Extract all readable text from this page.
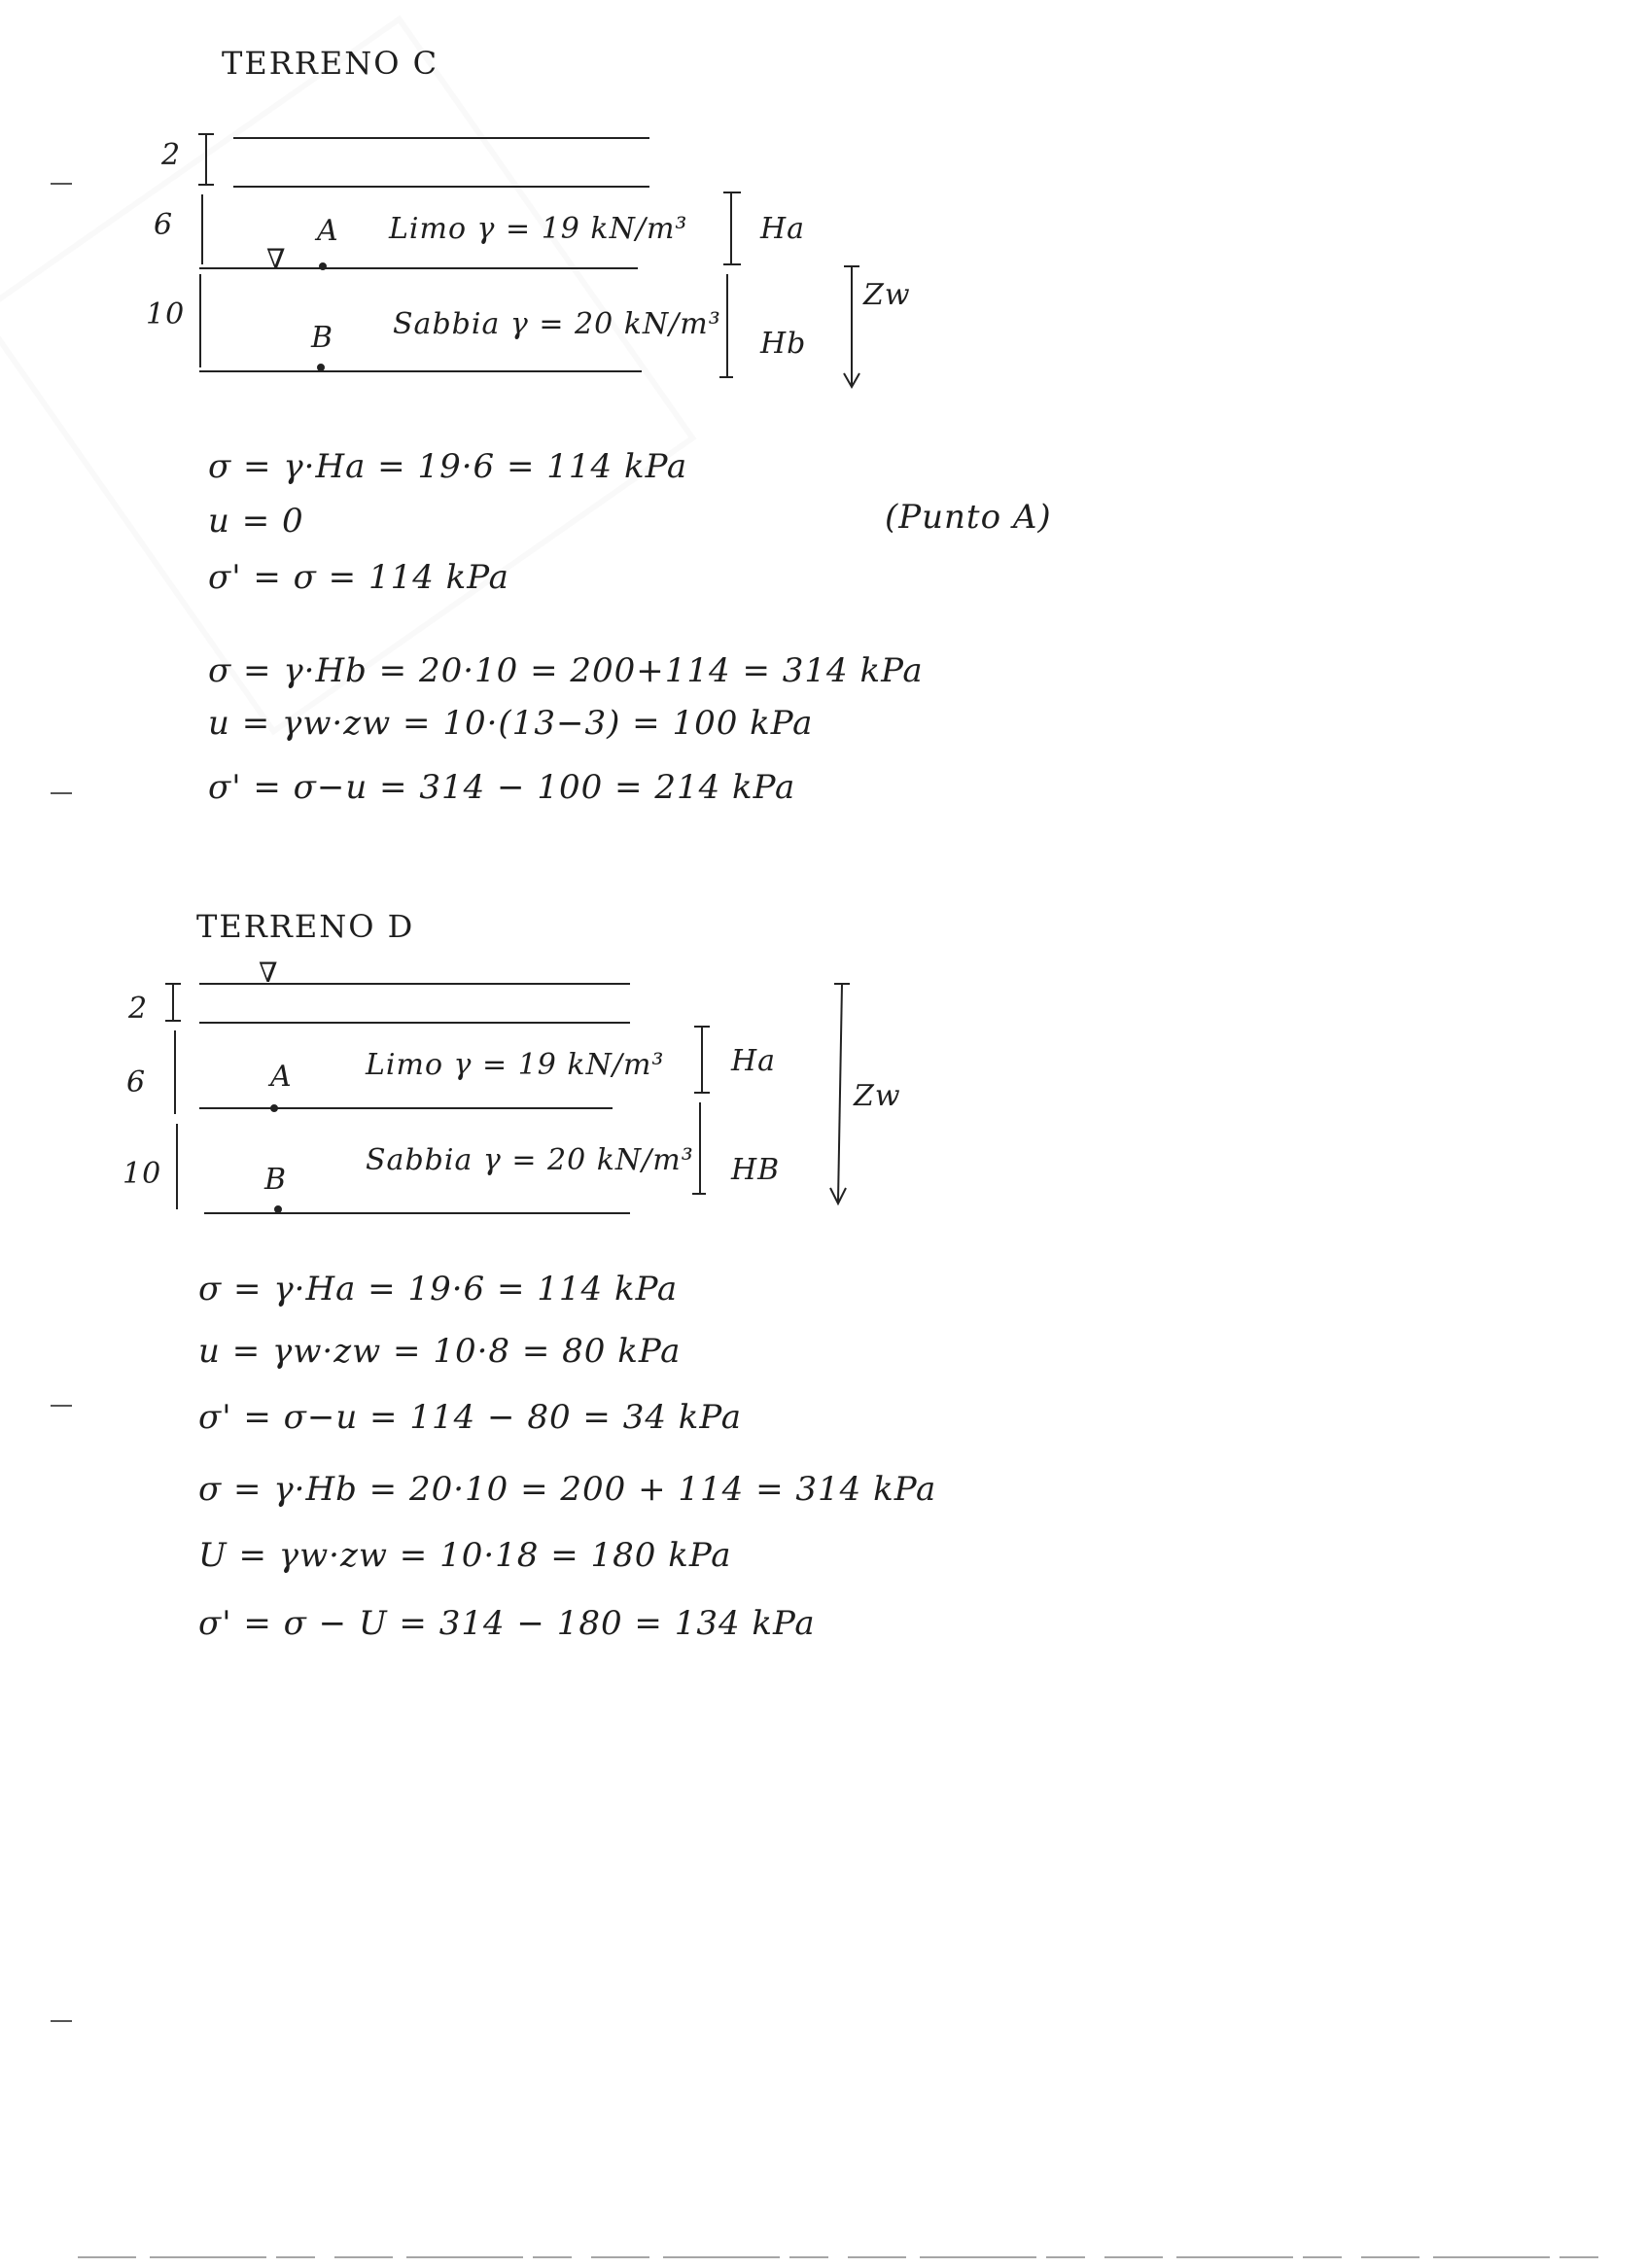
TERRENO C
2
6
10
∇
A Limo γ = 19 kN/m³
B Sabbia γ = 20 kN/m³
Ha
Hb
Zw
σ = γ·Ha = 19·6 = 114 kPa
u = 0
σ' = σ = 114 kPa
(Punto A)
σ = γ·Hb = 20·10 = 200+114 = 314 kPa
u = γw·zw = 10·(13−3) = 100 kPa
σ' = σ−u = 314 − 100 = 214 kPa
TERRENO D
∇
2
6
10
A	Limo γ = 19 kN/m³
B
Sabbia γ = 20 kN/m³
Ha
HB
Zw
σ = γ·Ha = 19·6 = 114 kPa
u = γw·zw = 10·8 = 80 kPa
σ' = σ−u = 114 − 80 = 34 kPa
σ = γ·Hb = 20·10 = 200 + 114 = 314 kPa
U = γw·zw = 10·18 = 180 kPa
σ' = σ − U = 314 − 180 = 134 kPa
